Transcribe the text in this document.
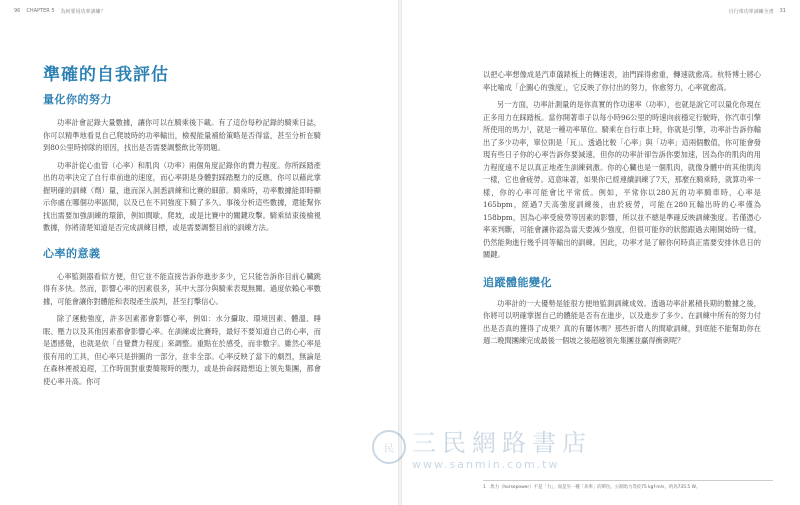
96 CHAPTER 5 為何要用功率訓練？
準確的自我評估
量化你的努力

功率計會記錄大量數據，讓你可以在騎乘後下載。有了這份每秒記錄的騎乘日誌，你可以精準地看見自己爬坡時的功率輸出，檢視能量補給策略是否得當，甚至分析在騎到80公里時掉隊的原因，找出是否需要調整飲比等問題。

功率計從心血管（心率）和肌肉（功率）兩個角度記錄你的費力程度。你所踩踏產出的功率決定了自行車前進的速度，而心率則是身體對踩踏壓力的反應，你可以藉此掌握明確的訓練（劑）量，進而深入洞悉訓練和比賽的細節。騎乘時，功率數據能即時顯示你處在哪個功率區間，以及已在不同強度下騎了多久。事後分析這些數據，還能幫你找出需要加強訓練的環節，例如間歇、爬坡，或是比賽中的關鍵攻擊。騎乘結束後檢視數據，你將清楚知道是否完成訓練目標，或是需要調整目前的訓練方法。

心率的意義

心率監測器看似方便，但它並不能直接告訴你進步多少，它只能告訴你目前心臟跳得有多快。然而，影響心率的因素很多，其中大部分與騎乘表現無關。過度依賴心率數據，可能會讓你對體能和表現產生誤判，甚至打擊信心。

除了運動強度，許多因素都會影響心率，例如：水分攝取、環境因素、體溫、睡眠、壓力以及其他因素都會影響心率。在訓練或比賽時，最好不要知道自己的心率，而是憑感覺，也就是依「自覺費力程度」來調整。重點在於感受，而非數字。雖然心率是很有用的工具，但心率只是拼圖的一部分，並非全部。心率反映了當下的劇烈，無論是在森林裡被追趕，工作時面對重要簡報時的壓力，或是拚命踩踏想追上領先集團，都會使心率升高。你可

自行車功率訓練全書 31

以把心率想像成是汽車儀錶板上的轉速表，油門踩得愈重，轉速就愈高。杭特博士將心率比喻成「企圖心的強度」，它反映了你付出的努力，你愈努力，心率就愈高。

另一方面，功率計測量的是你真實的作功速率（功率），也就是說它可以量化你現在正多用力在踩踏板。當你開著車子以每小時96公里的時速向前穩定行駛時，你汽車引擎所使用的馬力¹，就是一種功率單位。騎乘在自行車上時，你就是引擎，功率計告訴你輸出了多少功率，單位則是「瓦」。透過比較「心率」與「功率」這兩個數值，你可能會發現有些日子你的心率告訴你要減速，但你的功率計卻告訴你要加速，因為你的肌肉的用力程度遠不足以真正地產生訓練刺激。你的心臟也是一個肌肉，就像身體中的其他肌肉一樣，它也會疲勞。這意味著，如果你已經連續訓練了7天，那麼在騎乘時，就算功率一樣，你的心率可能會比平常低。例如，平常你以280瓦的功率騎車時，心率是165bpm，經過7天高強度訓練後，由於疲勞，可能在280瓦輸出時的心率僅為158bpm，因為心率受疲勞等因素的影響，所以並不總是準確反映訓練強度。若僅憑心率來判斷，可能會讓你認為當天要減少強度，但很可能你的狀態跟過去剛開始時一樣，仍然能夠進行幾乎同等輸出的訓練。因此，功率才是了解你何時真正需要安排休息日的關鍵。

追蹤體能變化

功率計的一大優勢是能很方便地監測訓練成效。透過功率計累積長期的數據之後，你將可以明確掌握自己的體能是否有在進步，以及進步了多少。在訓練中所有的努力付出是否真的獲得了成果？真的有屢休嗎？那些折磨人的間歇訓練，到底能不能幫助你在週二晚間團練完成最後一個坡之後超越領先集團並贏得衝刺呢？

1　馬力（horsepower）不是「力」，而是另一種「功率」的單位。公制馬力等於75 kgf·m/s，約為735.5 W。
民 三民網路書店
www.sanmin.com.tw
